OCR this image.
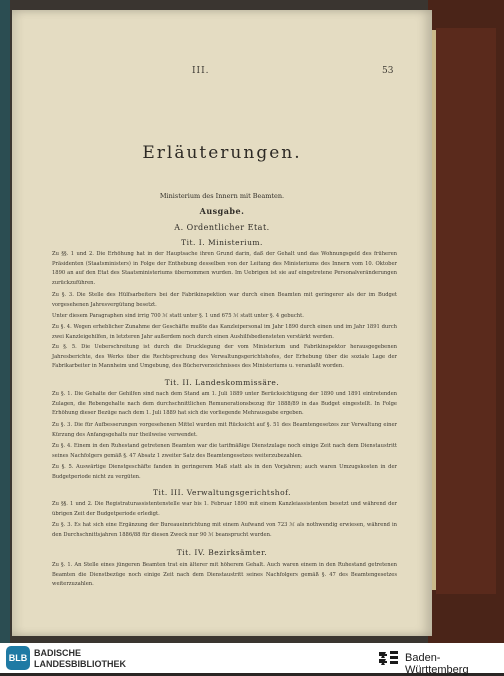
III.	53
Erläuterungen.
Ministerium des Innern mit Beamten.
Ausgabe.
A. Ordentlicher Etat.
Tit. I. Ministerium.
Zu §§. 1 und 2. Die Erhöhung hat in der Hauptsache ihren Grund darin, daß der Gehalt und das Wohnungsgeld des früheren Präsidenten (Staatsministers) in Folge der Enthebung desselben von der Leitung des Ministeriums des Innern vom 10. Oktober 1890 an auf den Etat des Staatsministeriums übernommen wurden. Im Uebrigen ist sie auf eingetretene Personalveränderungen zurückzuführen.
Zu §. 3. Die Stelle des Hülfsarbeiters bei der Fabrikinspektion war durch einen Beamten mit geringerer als der im Budget vorgesehenen Jahresvergütung besetzt.
Unter diesem Paragraphen sind irrig 700 ℳ statt unter §. 1 und 675 ℳ statt unter §. 4 gebucht.
Zu §. 4. Wegen erheblicher Zunahme der Geschäfte mußte das Kanzleipersonal im Jahr 1890 durch einen und im Jahr 1891 durch zwei Kanzleigehilfen, in letzteren Jahr außerdem noch durch einen Aushilfsbediensteten verstärkt werden.
Zu §. 5. Die Ueberschreitung ist durch die Drucklegung der vom Ministerium und Fabrikinspektor herausgegebenen Jahresberichte, des Werks über die Rechtsprechung des Verwaltungsgerichtshofes, der Erhebung über die soziale Lage der Fabrikarbeiter in Mannheim und Umgebung, des Bücherverzeichnisses des Ministeriums u. veranlaßt worden.
Tit. II. Landeskommissäre.
Zu §. 1. Die Gehalte der Gehilfen sind nach dem Stand am 1. Juli 1889 unter Berücksichtigung der 1890 und 1891 eintretenden Zulagen, die Rebengehalte nach dem durchschnittlichen Remunerationsbezug für 1888/89 in das Budget eingestellt. In Folge Erhöhung dieser Bezüge nach dem 1. Juli 1889 hat sich die vorliegende Mehrausgabe ergeben.
Zu §. 3. Die für Aufbesserungen vorgesehenen Mittel wurden mit Rücksicht auf §. 51 des Beamtengesetzes zur Verwaltung einer Kürzung des Anfangsgehalts nur theilweise verwendet.
Zu §. 4. Einem in den Ruhestand getretenen Beamten war die tarifmäßige Dienstzulage noch einige Zeit nach dem Dienstaustritt seines Nachfolgers gemäß §. 47 Absatz 1 zweiter Satz des Beamtengesetzes weiterzubezahlen.
Zu §. 5. Auswärtige Dienstgeschäfte fanden in geringerem Maß statt als in den Vorjahren; auch waren Umzugskosten in der Budgetperiode nicht zu vergüten.
Tit. III. Verwaltungsgerichtshof.
Zu §§. 1 und 2. Die Registraturassistentenstelle war bis 1. Februar 1890 mit einem Kanzleiassistenten besetzt und während der übrigen Zeit der Budgetperiode erledigt.
Zu §. 3. Es hat sich eine Ergänzung der Bureaueinrichtung mit einem Aufwand von 723 ℳ als nothwendig erwiesen, während in den Durchschnittsjahren 1886/88 für diesen Zweck nur 90 ℳ beansprucht wurden.
Tit. IV. Bezirksämter.
Zu §. 1. An Stelle eines jüngeren Beamten trat ein älterer mit höherem Gehalt. Auch waren einem in den Ruhestand getretenen Beamten die Dienstbezüge noch einige Zeit nach dem Dienstaustritt seines Nachfolgers gemäß §. 47 des Beamtengesetzes weiterzuzahlen.
BLB BADISCHE
LANDESBIBLIOTHEK	Baden-Württemberg
